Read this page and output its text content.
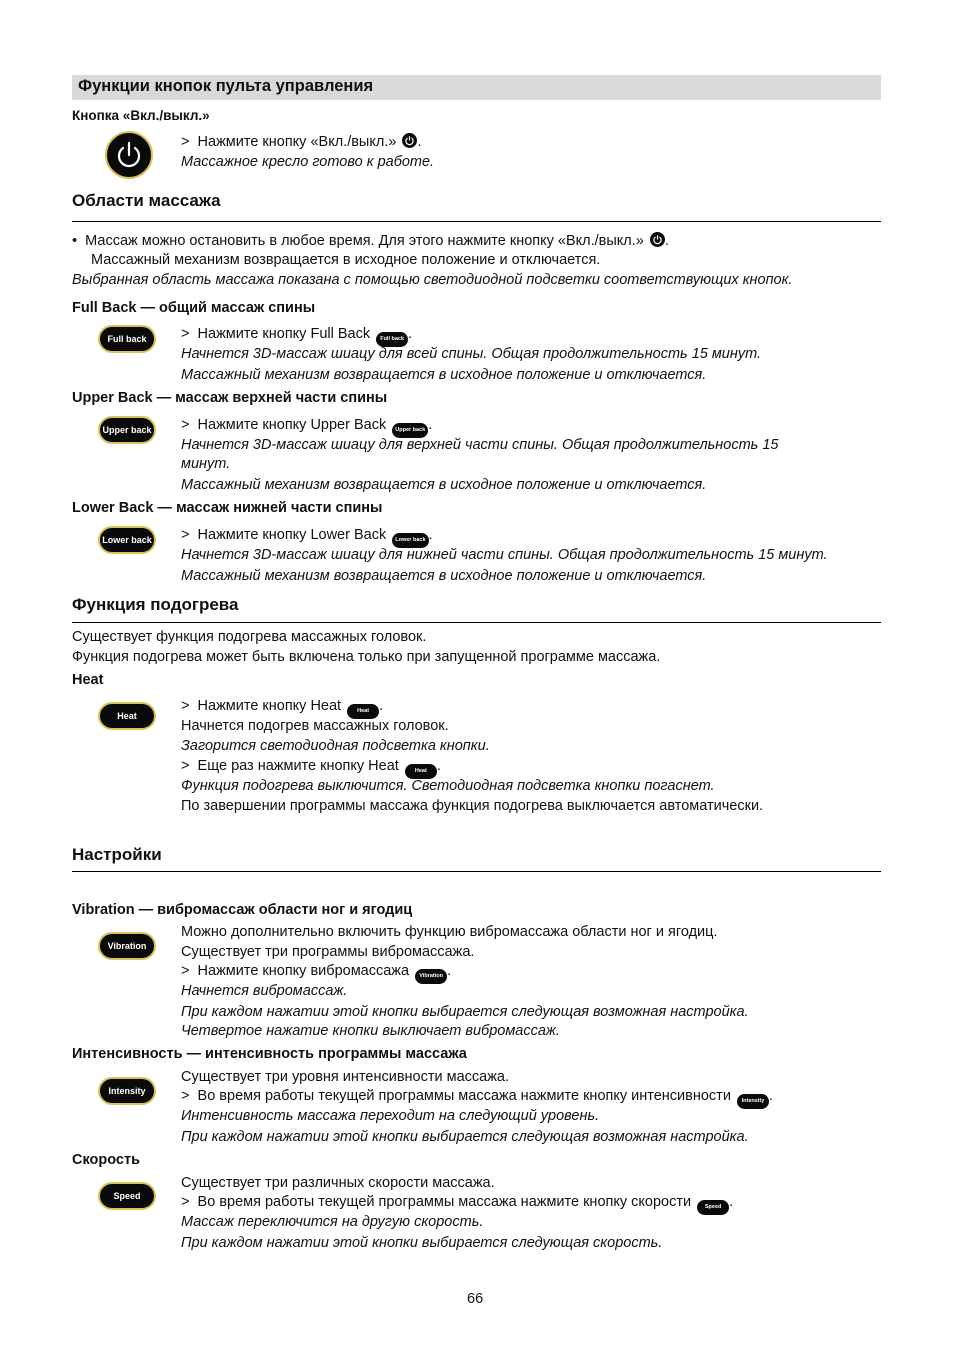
Функции кнопок пульта управления
Кнопка «Вкл./выкл.»
> Нажмите кнопку «Вкл./выкл.» .
Массажное кресло готово к работе.
Области массажа
• Массаж можно остановить в любое время. Для этого нажмите кнопку «Вкл./выкл.» .
Массажный механизм возвращается в исходное положение и отключается.
Выбранная область массажа показана с помощью светодиодной подсветки соответствующих кнопок.
Full Back — общий массаж спины
Full back	> Нажмите кнопку Full Back Full back .
Начнется 3D-массаж шиацу для всей спины. Общая продолжительность 15 минут.
Массажный механизм возвращается в исходное положение и отключается.
Upper Back — массаж верхней части спины
Upper back	> Нажмите кнопку Upper Back Upper back .
Начнется 3D-массаж шиацу для верхней части спины. Общая продолжительность 15
минут.
Массажный механизм возвращается в исходное положение и отключается.
Lower Back — массаж нижней части спины
Lower back > Нажмите кнопку Lower Back Lower back .
Начнется 3D-массаж шиацу для нижней части спины. Общая продолжительность 15 минут.
Массажный механизм возвращается в исходное положение и отключается.
Функция подогрева
Существует функция подогрева массажных головок.
Функция подогрева может быть включена только при запущенной программе массажа.
Heat
Heat
> Нажмите кнопку Heat	Heat .
Начнется подогрев массажных головок.
Загорится светодиодная подсветка кнопки.
> Еще раз нажмите кнопку Heat	Heat .
Функция подогрева выключится. Светодиодная подсветка кнопки погаснет.
По завершении программы массажа функция подогрева выключается автоматически.
Настройки
Vibration — вибромассаж области ног и ягодиц
Vibration
Можно дополнительно включить функцию вибромассажа области ног и ягодиц.
Существует три программы вибромассажа.
> Нажмите кнопку вибромассажа Vibration .
Начнется вибромассаж.
При каждом нажатии этой кнопки выбирается следующая возможная настройка.
Четвертое нажатие кнопки выключает вибромассаж.
Интенсивность — интенсивность программы массажа
Intensity
Существует три уровня интенсивности массажа.
> Во время работы текущей программы массажа нажмите кнопку интенсивности Intensity .
Интенсивность массажа переходит на следующий уровень.
При каждом нажатии этой кнопки выбирается следующая возможная настройка.
Скорость
Speed
Существует три различных скорости массажа.
> Во время работы текущей программы массажа нажмите кнопку скорости	Speed .
Массаж переключится на другую скорость.
При каждом нажатии этой кнопки выбирается следующая скорость.
66
